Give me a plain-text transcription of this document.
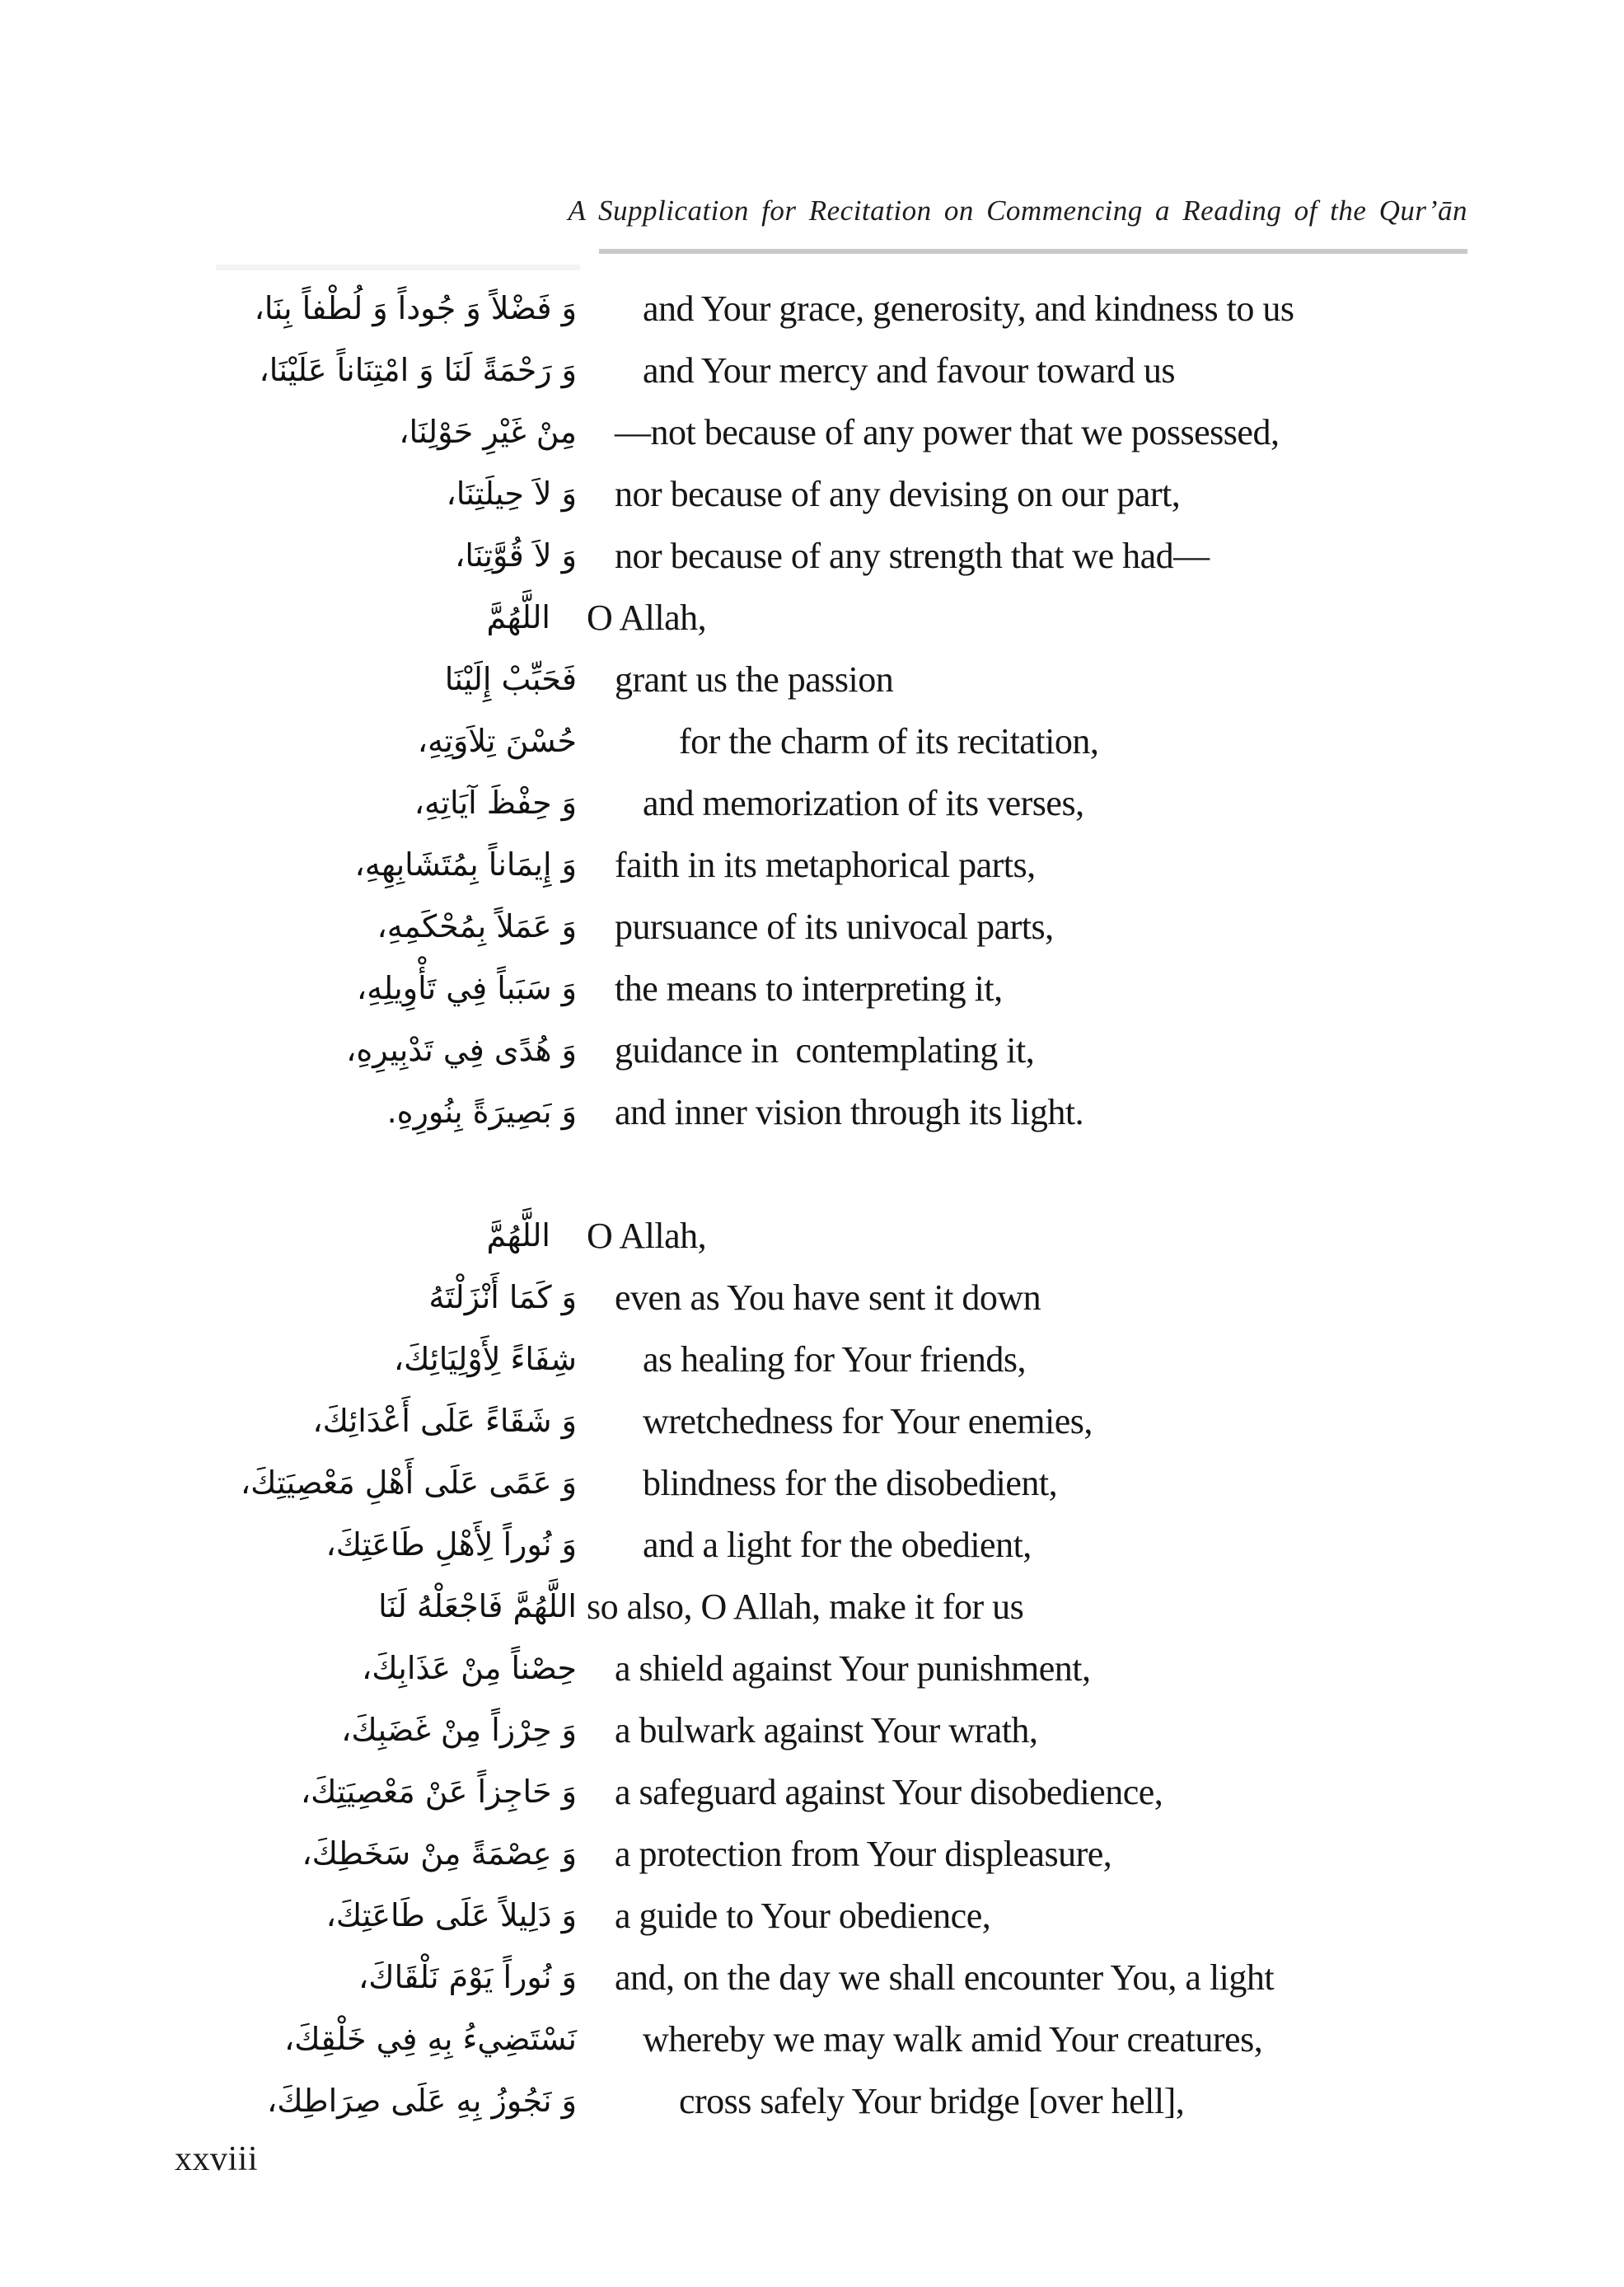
A Supplication for Recitation on Commencing a Reading of the Qur’ān
وَ فَضْلاً وَ جُوداً وَ لُطْفاً بِنَا،	and Your grace, generosity, and kindness to us
وَ رَحْمَةً لَنَا وَ امْتِنَاناً عَلَيْنَا،	and Your mercy and favour toward us
مِنْ غَيْرِ حَوْلِنَا،	—not because of any power that we possessed,
وَ لاَ حِيلَتِنَا،	nor because of any devising on our part,
وَ لاَ قُوَّتِنَا،	nor because of any strength that we had—
اللَّهُمَّ O Allah,
فَحَبِّبْ إِلَيْنَا	grant us the passion
حُسْنَ تِلاَوَتِهِ،	for the charm of its recitation,
وَ حِفْظَ آيَاتِهِ،	and memorization of its verses,
وَ إِيمَاناً بِمُتَشَابِهِهِ،	faith in its metaphorical parts,
وَ عَمَلاً بِمُحْكَمِهِ،	pursuance of its univocal parts,
وَ سَبَباً فِي تَأْوِيلِهِ،	the means to interpreting it,
وَ هُدًى فِي تَدْبِيرِهِ،	guidance in  contemplating it,
وَ بَصِيرَةً بِنُورِهِ.	and inner vision through its light.
اللَّهُمَّ O Allah,
وَ كَمَا أَنْزَلْتَهُ	even as You have sent it down
شِفَاءً لِأَوْلِيَائِكَ،	as healing for Your friends,
وَ شَقَاءً عَلَى أَعْدَائِكَ،	wretchedness for Your enemies,
وَ عَمًى عَلَى أَهْلِ مَعْصِيَتِكَ،	blindness for the disobedient,
وَ نُوراً لِأَهْلِ طَاعَتِكَ،	and a light for the obedient,
اللَّهُمَّ فَاجْعَلْهُ لَنَا so also, O Allah, make it for us
حِصْناً مِنْ عَذَابِكَ،	a shield against Your punishment,
وَ حِرْزاً مِنْ غَضَبِكَ،	a bulwark against Your wrath,
وَ حَاجِزاً عَنْ مَعْصِيَتِكَ،	a safeguard against Your disobedience,
وَ عِصْمَةً مِنْ سَخَطِكَ،	a protection from Your displeasure,
وَ دَلِيلاً عَلَى طَاعَتِكَ،	a guide to Your obedience,
وَ نُوراً يَوْمَ نَلْقَاكَ،	and, on the day we shall encounter You, a light
نَسْتَضِيءُ بِهِ فِي خَلْقِكَ،	whereby we may walk amid Your creatures,
وَ نَجُوزُ بِهِ عَلَى صِرَاطِكَ،	cross safely Your bridge [over hell],
xxviii
